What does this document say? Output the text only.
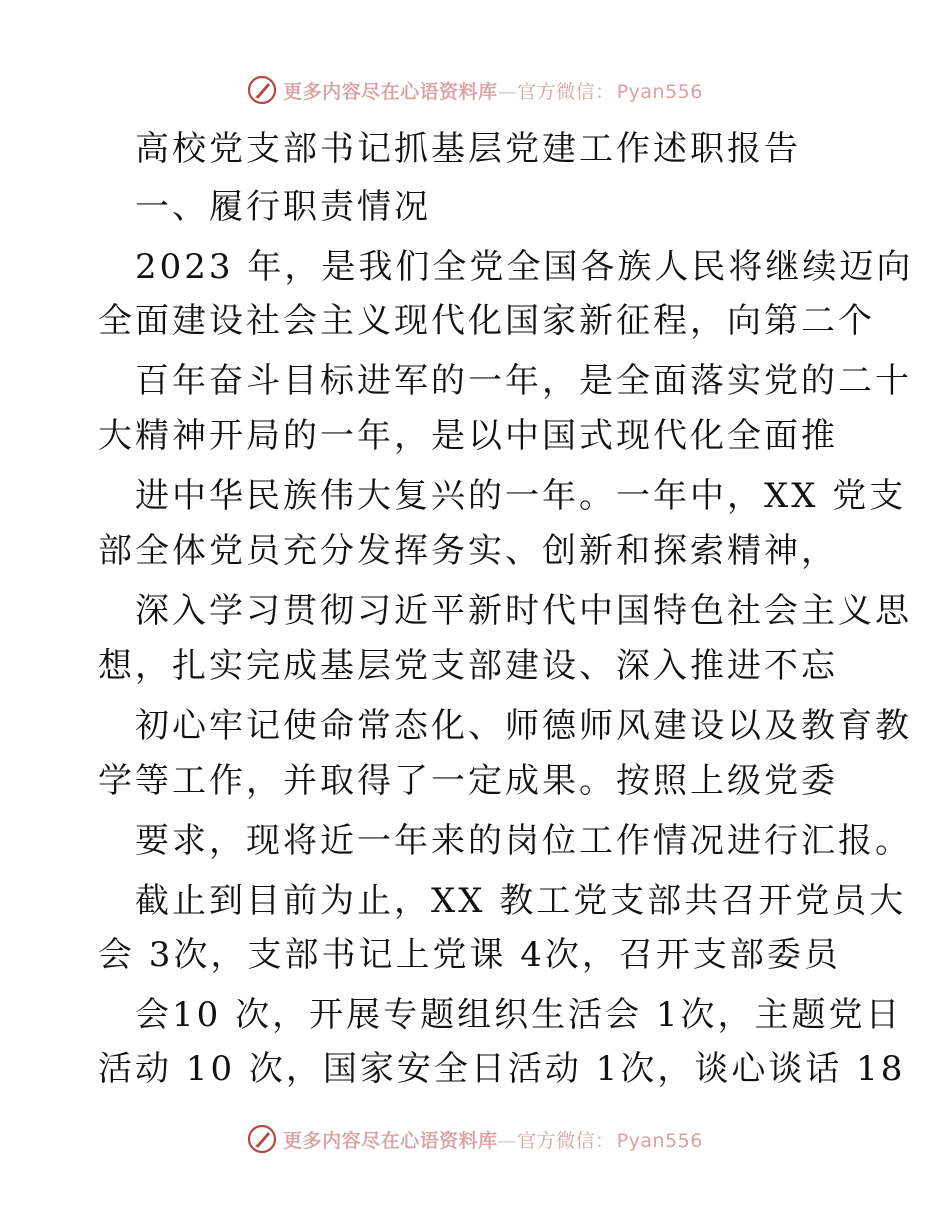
更多内容尽在心语资料库—官方微信： Pyan556
高校党支部书记抓基层党建工作述职报告
一、履行职责情况
2023 年，是我们全党全国各族人民将继续迈向
全面建设社会主义现代化国家新征程，向第二个
百年奋斗目标进军的一年，是全面落实党的二十
大精神开局的一年，是以中国式现代化全面推
进中华民族伟大复兴的一年。一年中，XX 党支
部全体党员充分发挥务实、创新和探索精神，
深入学习贯彻习近平新时代中国特色社会主义思
想，扎实完成基层党支部建设、深入推进不忘
初心牢记使命常态化、师德师风建设以及教育教
学等工作，并取得了一定成果。按照上级党委
要求，现将近一年来的岗位工作情况进行汇报。
截止到目前为止，XX 教工党支部共召开党员大
会 3次，支部书记上党课 4次，召开支部委员
会10 次，开展专题组织生活会 1次，主题党日
活动 10 次，国家安全日活动 1次，谈心谈话 18
更多内容尽在心语资料库—官方微信： Pyan556
